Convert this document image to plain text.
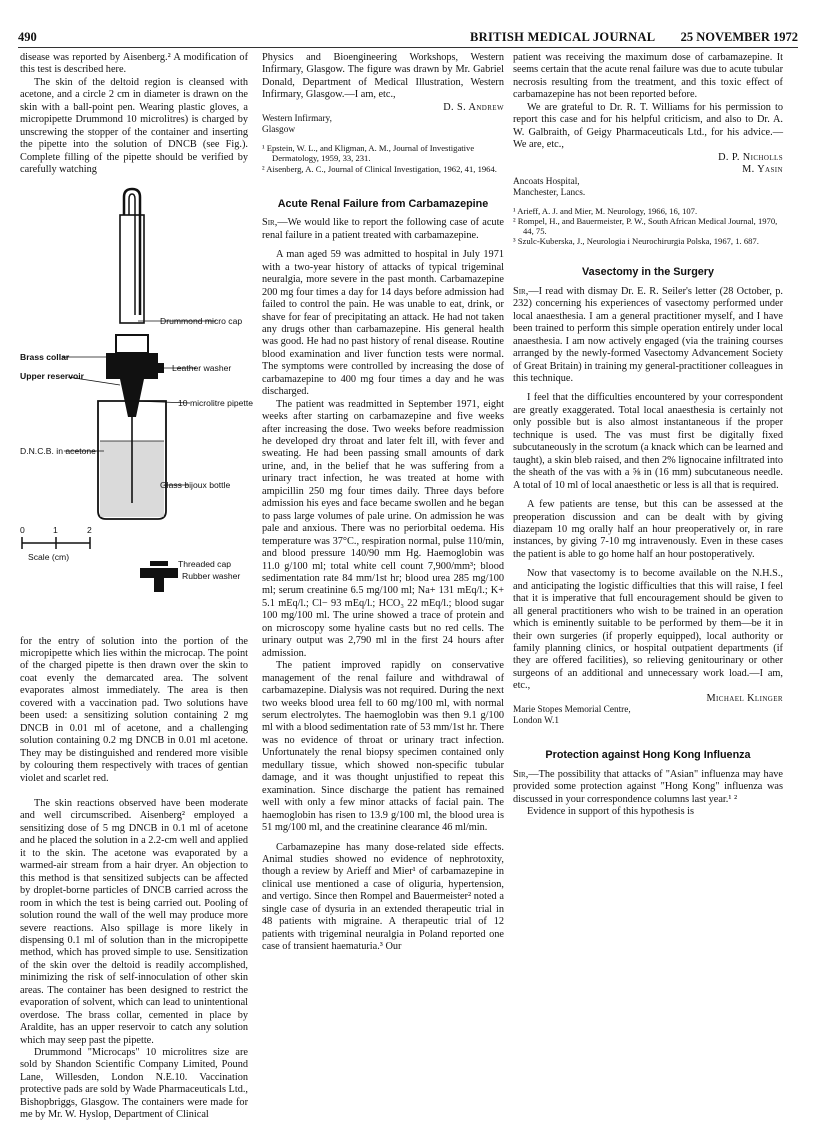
490	BRITISH MEDICAL JOURNAL 25 NOVEMBER 1972

disease was reported by Aisenberg.² A modification of this test is described here.

The skin of the deltoid region is cleansed with acetone, and a circle 2 cm in diameter is drawn on the skin with a ball-point pen. Wearing plastic gloves, a micropipette Drummond 10 microlitres) is charged by unscrewing the stopper of the container and inserting the pipette into the solution of DNCB (see Fig.). Complete filling of the pipette should be verified by carefully watching

Drummond micro cap
Brass collar
Leather washer
Upper reservoir
10 microlitre pipette
D.N.C.B. in acetone
Glass bijoux bottle
0	1	2
Scale (cm)
Threaded cap
Rubber washer

for the entry of solution into the portion of the micropipette which lies within the microcap. The point of the charged pipette is then drawn over the skin to coat evenly the demarcated area. The solvent evaporates almost immediately. The area is then covered with a vaccination pad. Two solutions have been used: a sensitizing solution containing 2 mg DNCB in 0.01 ml of acetone, and a challenging solution containing 0.2 mg DNCB in 0.01 ml acetone. They may be distinguished and rendered more visible by colouring them respectively with traces of gentian violet and scarlet red.

The skin reactions observed have been moderate and well circumscribed. Aisenberg² employed a sensitizing dose of 5 mg DNCB in 0.1 ml of acetone and he placed the solution in a 2.2-cm well and applied it to the skin. The acetone was evaporated by a warmed-air stream from a hair dryer. An objection to this method is that sensitized subjects can be affected by droplet-borne particles of DNCB carried across the room in which the test is being carried out. Pooling of solution round the wall of the well may produce more severe reactions. Also spillage is more likely in dispensing 0.1 ml of solution than in the micropipette method, which has proved simple to use. Sensitization of the skin over the deltoid is readily accomplished, minimizing the risk of self-innoculation of other skin areas. The container has been designed to restrict the evaporation of solvent, which can lead to unintentional overdose. The brass collar, cemented in place by Araldite, has an upper reservoir to catch any solution which may seep past the pipette.

Drummond "Microcaps" 10 microlitres size are sold by Shandon Scientific Company Limited, Pound Lane, Willesden, London N.E.10. Vaccination protective pads are sold by Wade Pharmaceuticals Ltd., Bishopbriggs, Glasgow. The containers were made for me by Mr. W. Hyslop, Department of Clinical

Physics and Bioengineering Workshops, Western Infirmary, Glasgow. The figure was drawn by Mr. Gabriel Donald, Department of Medical Illustration, Western Infirmary, Glasgow.—I am, etc.,

D. S. Andrew

Western Infirmary,

Glasgow

¹ Epstein, W. L., and Kligman, A. M., Journal of Investigative Dermatology, 1959, 33, 231.

² Aisenberg, A. C., Journal of Clinical Investigation, 1962, 41, 1964.

Acute Renal Failure from Carbamazepine

Sir,—We would like to report the following case of acute renal failure in a patient treated with carbamazepine.

A man aged 59 was admitted to hospital in July 1971 with a two-year history of attacks of typical trigeminal neuralgia, more severe in the past month. Carbamazepine 200 mg four times a day for 14 days before admission had failed to control the pain. He was unable to eat, drink, or shave for fear of precipitating an attack. He had not taken any drugs other than carbamazepine. His general health was good. He had no past history of renal disease. Routine blood examination and liver function tests were normal. The symptoms were controlled by increasing the dose of carbamazepine to 400 mg four times a day and he was discharged.

The patient was readmitted in September 1971, eight weeks after starting on carbamazepine and five weeks after increasing the dose. Two weeks before readmission he developed dry throat and later felt ill, with fever and sweating. He had been passing small amounts of dark urine, and, in the belief that he was suffering from a urinary tract infection, he was treated at home with ampicillin 250 mg four times daily. Three days before admission his eyes and face became swollen and he began to pass large volumes of pale urine. On admission he was pale and anxious. There was no periorbital oedema. His temperature was 37°C., respiration normal, pulse 110/min, and blood pressure 140/90 mm Hg. Haemoglobin was 11.0 g/100 ml; total white cell count 7,900/mm³; blood sedimentation rate 84 mm/1st hr; blood urea 285 mg/100 ml; serum creatinine 6.5 mg/100 ml; Na+ 131 mEq/l.; K+ 5.1 mEq/l.; Cl− 93 mEq/l.; HCO₃ 22 mEq/l.; blood sugar 100 mg/100 ml. The urine showed a trace of protein and on microscopy some hyaline casts but no red cells. The urinary output was 2,790 ml in the first 24 hours after admission.

The patient improved rapidly on conservative management of the renal failure and withdrawal of carbamazepine. Dialysis was not required. During the next two weeks blood urea fell to 60 mg/100 ml, with normal serum electrolytes. The haemoglobin was then 9.1 g/100 ml with a blood sedimentation rate of 53 mm/1st hr. There was no evidence of throat or urinary tract infection. Unfortunately the renal biopsy specimen contained only medullary tissue, which showed non-specific tubular damage, and it was thought unjustified to repeat this examination. Since discharge the patient has remained well with only a few minor attacks of facial pain. The haemoglobin has risen to 13.9 g/100 ml, the blood urea is 51 mg/100 ml, and the creatinine clearance 46 ml/min.

Carbamazepine has many dose-related side effects. Animal studies showed no evidence of nephrotoxity, though a review by Arieff and Mier¹ of carbamazepine in clinical use mentioned a case of oliguria, hypertension, and vertigo. Since then Rompel and Bauermeister² noted a single case of dysuria in an extended therapeutic trial in 48 patients with migraine. A therapeutic trial of 12 patients with trigeminal neuralgia in Poland reported one case of transient haematuria.³ Our

patient was receiving the maximum dose of carbamazepine. It seems certain that the acute renal failure was due to acute tubular necrosis resulting from the treatment, and this toxic effect of carbamazepine has not been reported before.

We are grateful to Dr. R. T. Williams for his permission to report this case and for his helpful criticism, and also to Dr. A. W. Galbraith, of Geigy Pharmaceuticals Ltd., for his advice.—We are, etc.,

D. P. Nicholls

M. Yasin

Ancoats Hospital,

Manchester, Lancs.

¹ Arieff, A. J. and Mier, M. Neurology, 1966, 16, 107.

² Rompel, H., and Bauermeister, P. W., South African Medical Journal, 1970, 44, 75.

³ Szulc-Kuberska, J., Neurologia i Neurochirurgia Polska, 1967, 1. 687.

Vasectomy in the Surgery

Sir,—I read with dismay Dr. E. R. Seiler's letter (28 October, p. 232) concerning his experiences of vasectomy performed under local anaesthesia. I am a general practitioner myself, and I have been trained to perform this simple operation entirely under local anaesthesia. I am now actively engaged (via the training courses arranged by the newly-formed Vasectomy Advancement Society of Great Britain) in training my general-practitioner colleagues in this technique.

I feel that the difficulties encountered by your correspondent are greatly exaggerated. Total local anaesthesia is certainly not only possible but is also almost instantaneous if the proper technique is used. The vas must first be digitally fixed subcutaneously in the scrotum (a knack which can be learned and taught), a skin bleb raised, and then 2% lignocaine infiltrated into the sheath of the vas with a ⅝ in (16 mm) subcutaneous needle. A total of 10 ml of local anaesthetic or less is all that is required.

A few patients are tense, but this can be assessed at the preoperation discussion and can be dealt with by giving diazepam 10 mg orally half an hour preoperatively or, in rare instances, by giving 7-10 mg intravenously. Even in these cases the patient is able to go home half an hour postoperatively.

Now that vasectomy is to become available on the N.H.S., and anticipating the logistic difficulties that this will raise, I feel that it is imperative that full encouragement should be given to all general practitioners who wish to be trained in an operation which is eminently suitable to be performed by them—be it in their own surgeries (if properly equipped), local authority or family planning clinics, or hospital outpatient departments (if they are offered facilities), so relieving genitourinary or other surgeons of an additional and unnecessary work load.—I am, etc.,

Michael Klinger

Marie Stopes Memorial Centre,

London W.1

Protection against Hong Kong Influenza

Sir,—The possibility that attacks of "Asian" influenza may have provided some protection against "Hong Kong" influenza was discussed in your correspondence columns last year.¹ ²

Evidence in support of this hypothesis is
